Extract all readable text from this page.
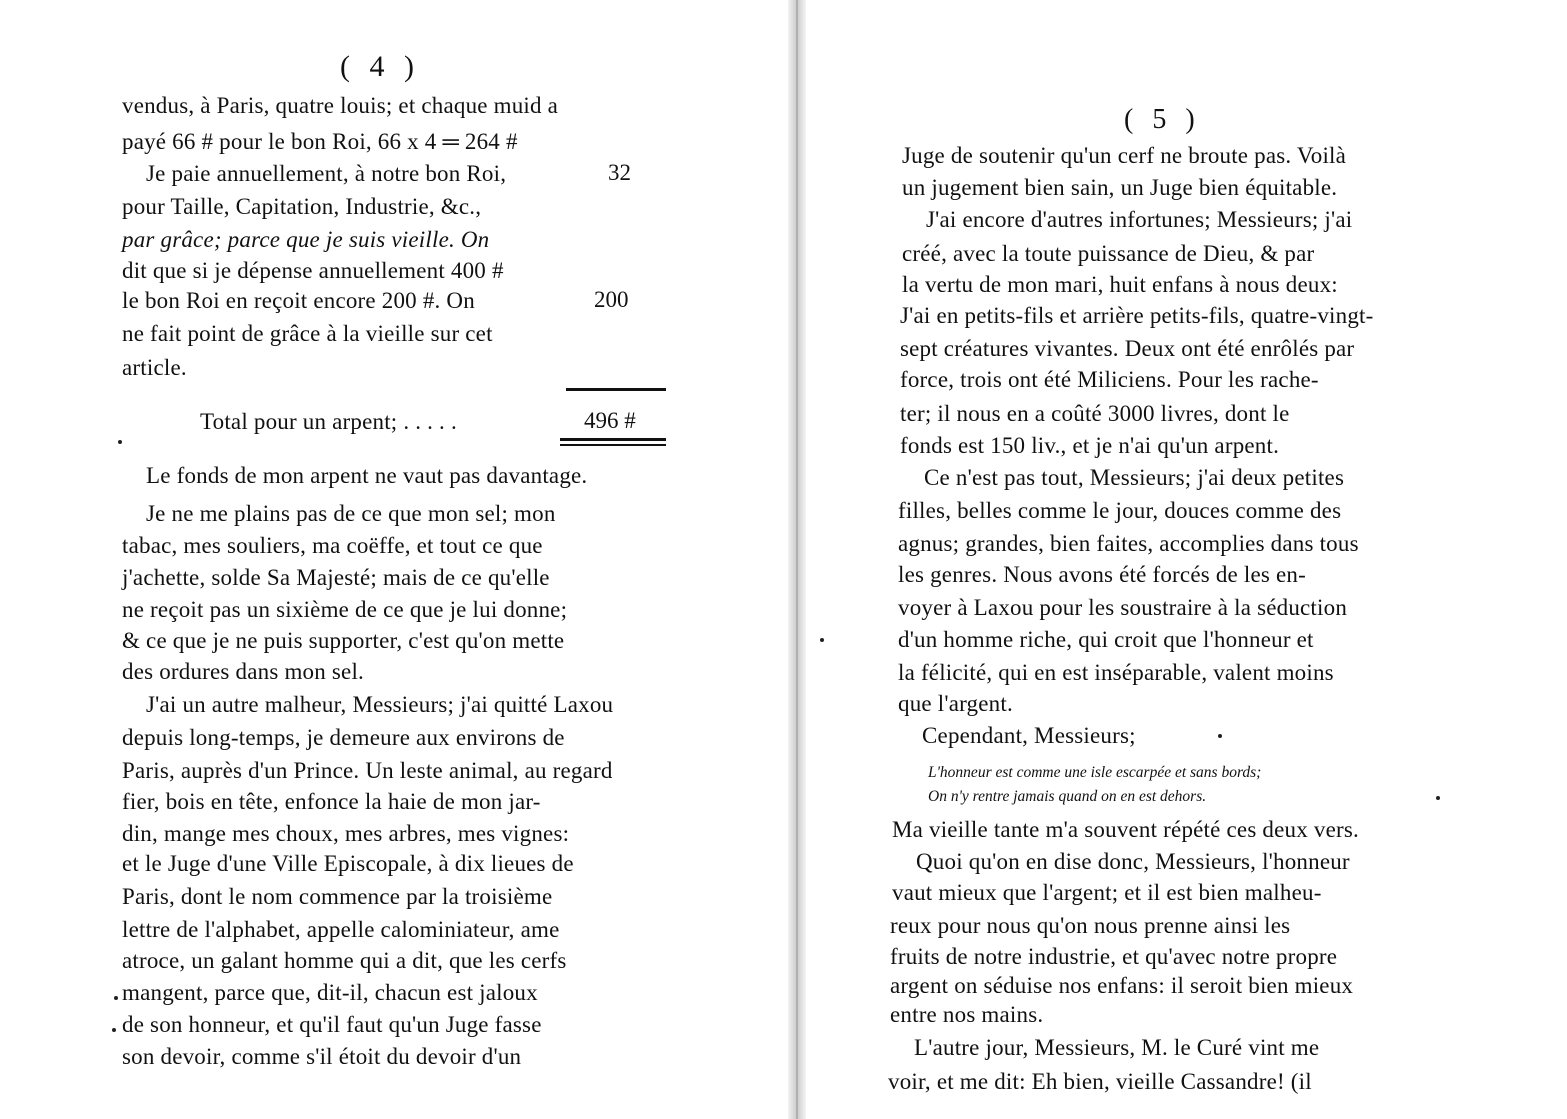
( 4 )
vendus, à Paris, quatre louis; et chaque muid a
payé 66 # pour le bon Roi, 66 x 4 ═ 264 #
Je paie annuellement, à notre bon Roi,	32
pour Taille, Capitation, Industrie, &c.,
par grâce; parce que je suis vieille. On
dit que si je dépense annuellement 400 #
le bon Roi en reçoit encore 200 #. On	200
ne fait point de grâce à la vieille sur cet
article.
Total pour un arpent; . . . . .	496 #
Le fonds de mon arpent ne vaut pas davantage.
Je ne me plains pas de ce que mon sel; mon
tabac, mes souliers, ma coëffe, et tout ce que
j'achette, solde Sa Majesté; mais de ce qu'elle
ne reçoit pas un sixième de ce que je lui donne;
& ce que je ne puis supporter, c'est qu'on mette
des ordures dans mon sel.
J'ai un autre malheur, Messieurs; j'ai quitté Laxou
depuis long-temps, je demeure aux environs de
Paris, auprès d'un Prince. Un leste animal, au regard
fier, bois en tête, enfonce la haie de mon jar-
din, mange mes choux, mes arbres, mes vignes:
et le Juge d'une Ville Episcopale, à dix lieues de
Paris, dont le nom commence par la troisième
lettre de l'alphabet, appelle calominiateur, ame
atroce, un galant homme qui a dit, que les cerfs
mangent, parce que, dit-il, chacun est jaloux
de son honneur, et qu'il faut qu'un Juge fasse
son devoir, comme s'il étoit du devoir d'un
( 5 )
Juge de soutenir qu'un cerf ne broute pas. Voilà
un jugement bien sain, un Juge bien équitable.
J'ai encore d'autres infortunes; Messieurs; j'ai
créé, avec la toute puissance de Dieu, & par
la vertu de mon mari, huit enfans à nous deux:
J'ai en petits-fils et arrière petits-fils, quatre-vingt-
sept créatures vivantes. Deux ont été enrôlés par
force, trois ont été Miliciens. Pour les rache-
ter; il nous en a coûté 3000 livres, dont le
fonds est 150 liv., et je n'ai qu'un arpent.
Ce n'est pas tout, Messieurs; j'ai deux petites
filles, belles comme le jour, douces comme des
agnus; grandes, bien faites, accomplies dans tous
les genres. Nous avons été forcés de les en-
voyer à Laxou pour les soustraire à la séduction
d'un homme riche, qui croit que l'honneur et
la félicité, qui en est inséparable, valent moins
que l'argent.
Cependant, Messieurs;
L'honneur est comme une isle escarpée et sans bords;
On n'y rentre jamais quand on en est dehors.
Ma vieille tante m'a souvent répété ces deux vers.
Quoi qu'on en dise donc, Messieurs, l'honneur
vaut mieux que l'argent; et il est bien malheu-
reux pour nous qu'on nous prenne ainsi les
fruits de notre industrie, et qu'avec notre propre
argent on séduise nos enfans: il seroit bien mieux
entre nos mains.
L'autre jour, Messieurs, M. le Curé vint me
voir, et me dit: Eh bien, vieille Cassandre! (il
